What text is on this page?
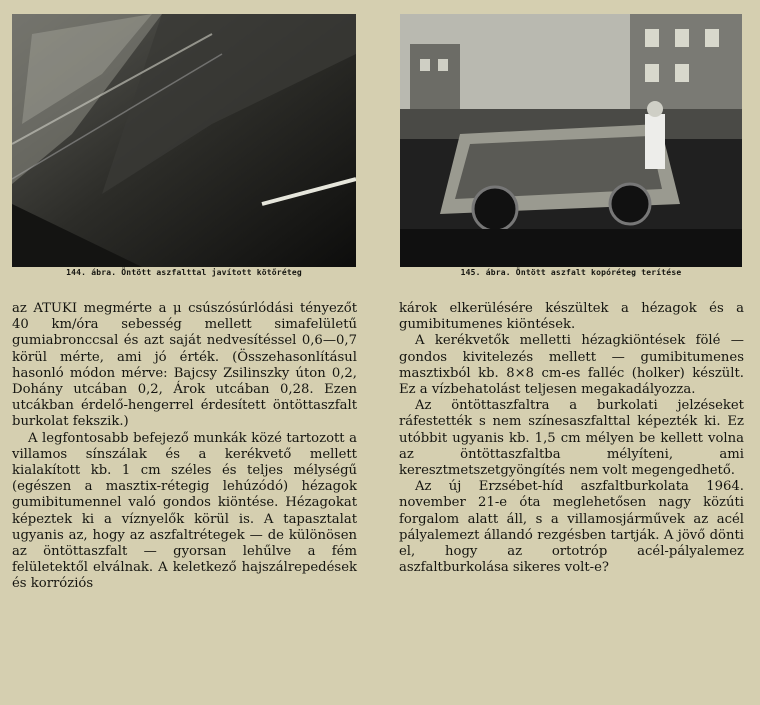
144. ábra. Öntött aszfalttal javított kötőréteg	145. ábra. Öntött aszfalt kopóréteg terítése

az ATUKI megmérte a μ csúszósúrlódási tényezőt 40 km/óra sebesség mellett simafelületű gumiabronccsal és azt saját nedvesítéssel 0,6—0,7 körül mérte, ami jó érték. (Összehasonlításul hasonló módon mérve: Bajcsy Zsilinszky úton 0,2, Dohány utcában 0,2, Árok utcában 0,28. Ezen utcákban érdelő-hengerrel érdesített öntöttaszfalt burkolat fekszik.)

A legfontosabb befejező munkák közé tartozott a villamos sínszálak és a kerékvető mellett kialakított kb. 1 cm széles és teljes mélységű (egészen a masztix-rétegig lehúzódó) hézagok gumibitumennel való gondos kiöntése. Hézagokat képeztek ki a víznyelők körül is. A tapasztalat ugyanis az, hogy az aszfaltrétegek — de különösen az öntöttaszfalt — gyorsan lehűlve a fém felületektől elválnak. A keletkező hajszálrepedések és korróziós

károk elkerülésére készültek a hézagok és a gumibitumenes kiöntések.

A kerékvetők melletti hézagkiöntések fölé — gondos kivitelezés mellett — gumibitumenes masztixból kb. 8×8 cm-es falléc (holker) készült. Ez a vízbehatolást teljesen megakadályozza.

Az öntöttaszfaltra a burkolati jelzéseket ráfestették s nem színesaszfalttal képezték ki. Ez utóbbit ugyanis kb. 1,5 cm mélyen be kellett volna az öntöttaszfaltba mélyíteni, ami keresztmetszetgyöngítés nem volt megengedhető.

Az új Erzsébet-híd aszfaltburkolata 1964. november 21-e óta meglehetősen nagy közúti forgalom alatt áll, s a villamosjárművek az acél pályalemezt állandó rezgésben tartják. A jövő dönti el, hogy az ortotróp acél-pályalemez aszfaltburkolása sikeres volt-e?
